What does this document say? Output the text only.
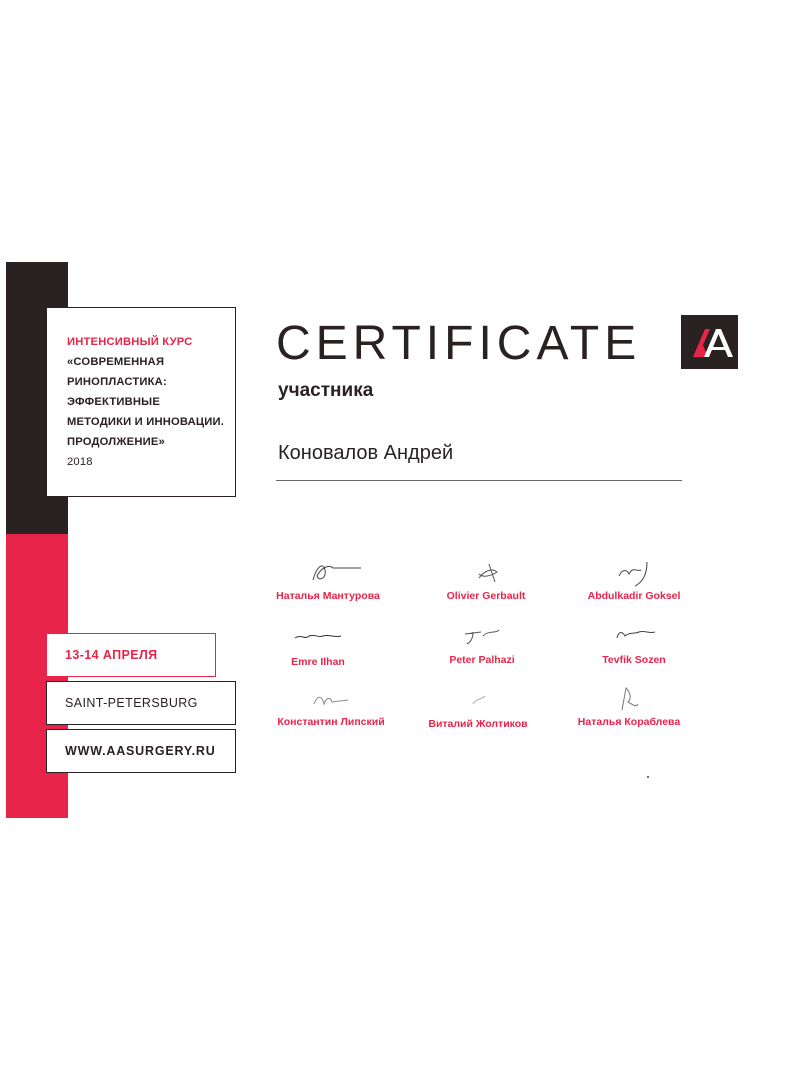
ИНТЕНСИВНЫЙ КУРС
«СОВРЕМЕННАЯ
РИНОПЛАСТИКА:
ЭФФЕКТИВНЫЕ
МЕТОДИКИ И ИННОВАЦИИ.
ПРОДОЛЖЕНИЕ»
2018
13-14 АПРЕЛЯ
SAINT-PETERSBURG
WWW.AASURGERY.RU
CERTIFICATE
участника
Коновалов Андрей
Наталья Мантурова	Olivier Gerbault	Abdulkadir Goksel
Emre Ilhan	Peter Palhazi	Tevfik Sozen
Константин Липский	Виталий Жолтиков	Наталья Кораблева
